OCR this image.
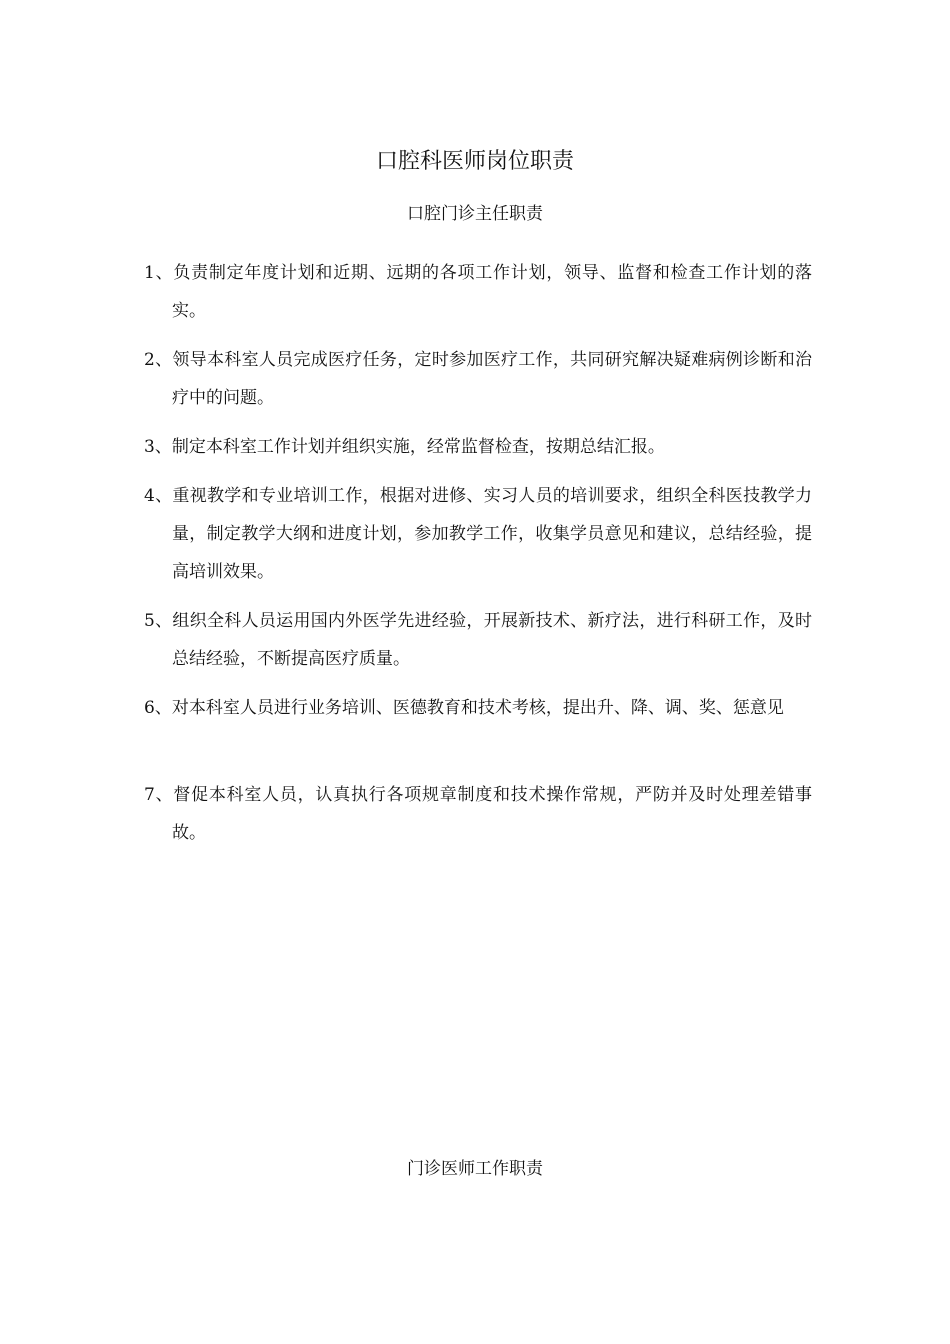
口腔科医师岗位职责
口腔门诊主任职责
1、负责制定年度计划和近期、远期的各项工作计划，领导、监督和检查工作计划的落实。
2、领导本科室人员完成医疗任务，定时参加医疗工作，共同研究解决疑难病例诊断和治疗中的问题。
3、制定本科室工作计划并组织实施，经常监督检查，按期总结汇报。
4、重视教学和专业培训工作，根据对进修、实习人员的培训要求，组织全科医技教学力量，制定教学大纲和进度计划，参加教学工作，收集学员意见和建议，总结经验，提高培训效果。
5、组织全科人员运用国内外医学先进经验，开展新技术、新疗法，进行科研工作，及时总结经验，不断提高医疗质量。
6、对本科室人员进行业务培训、医德教育和技术考核，提出升、降、调、奖、惩意见
7、督促本科室人员，认真执行各项规章制度和技术操作常规，严防并及时处理差错事故。
门诊医师工作职责
